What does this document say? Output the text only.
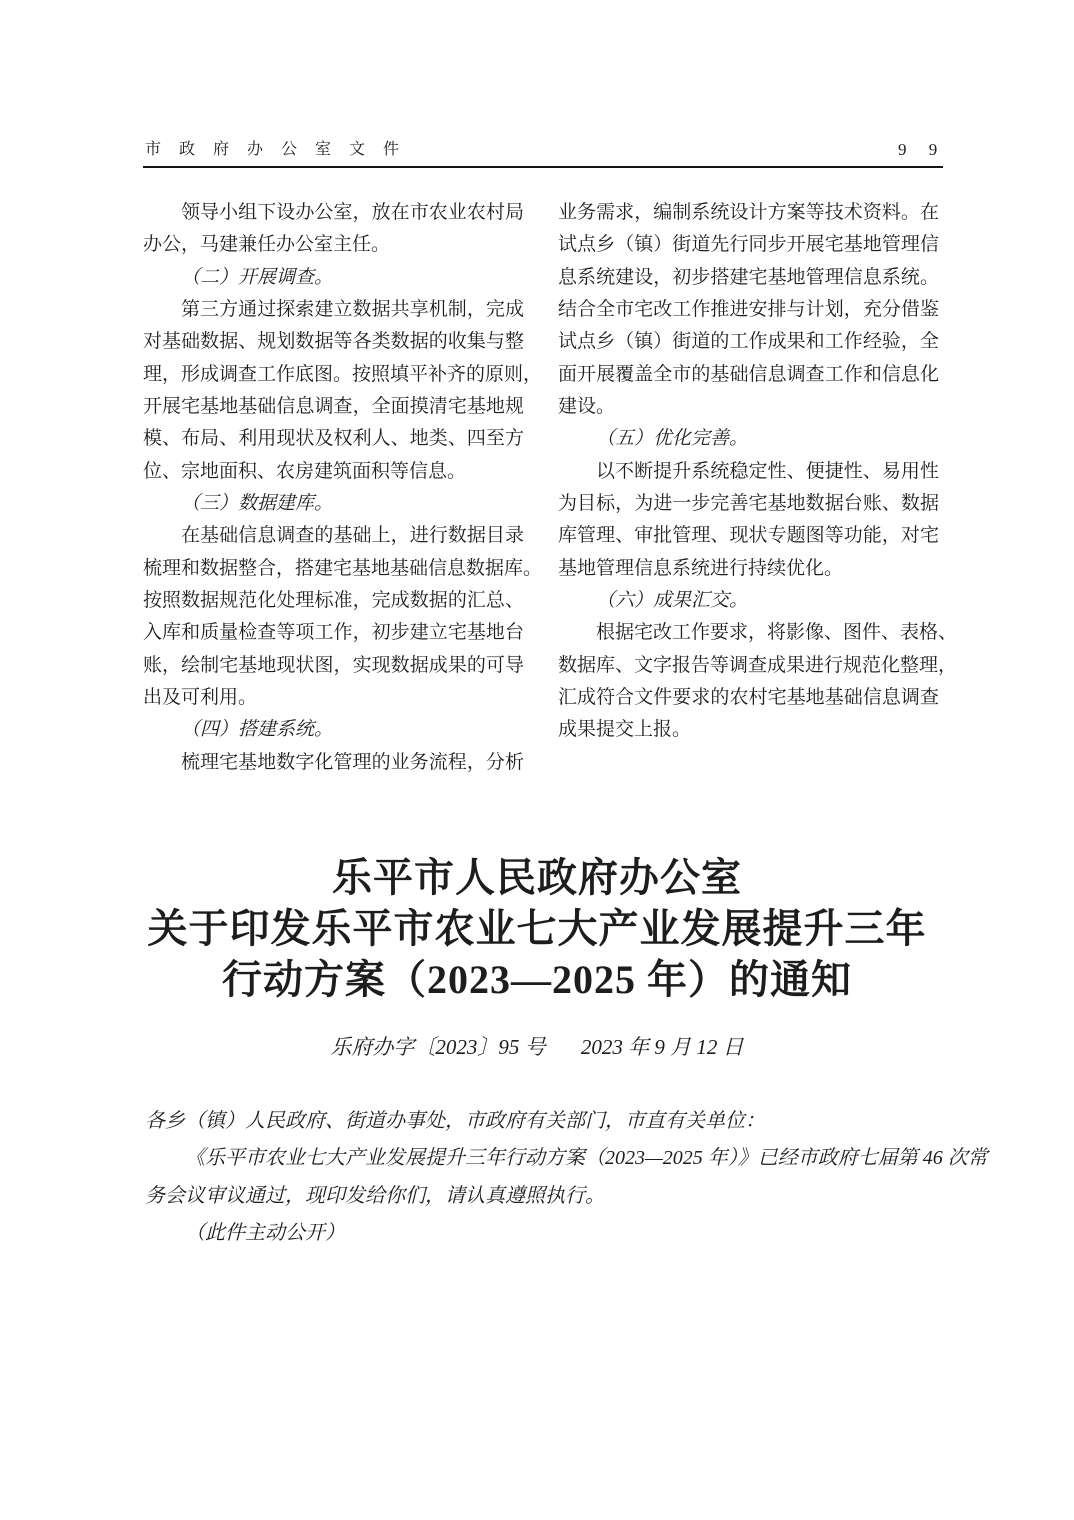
市政府办公室文件	9 9
领导小组下设办公室，放在市农业农村局
办公，马建兼任办公室主任。
（二）开展调查。
第三方通过探索建立数据共享机制，完成
对基础数据、规划数据等各类数据的收集与整
理，形成调查工作底图。按照填平补齐的原则，
开展宅基地基础信息调查，全面摸清宅基地规
模、布局、利用现状及权利人、地类、四至方
位、宗地面积、农房建筑面积等信息。
（三）数据建库。
在基础信息调查的基础上，进行数据目录
梳理和数据整合，搭建宅基地基础信息数据库。
按照数据规范化处理标准，完成数据的汇总、
入库和质量检查等项工作，初步建立宅基地台
账，绘制宅基地现状图，实现数据成果的可导
出及可利用。
（四）搭建系统。
梳理宅基地数字化管理的业务流程，分析
业务需求，编制系统设计方案等技术资料。在
试点乡（镇）街道先行同步开展宅基地管理信
息系统建设，初步搭建宅基地管理信息系统。
结合全市宅改工作推进安排与计划，充分借鉴
试点乡（镇）街道的工作成果和工作经验，全
面开展覆盖全市的基础信息调查工作和信息化
建设。
（五）优化完善。
以不断提升系统稳定性、便捷性、易用性
为目标，为进一步完善宅基地数据台账、数据
库管理、审批管理、现状专题图等功能，对宅
基地管理信息系统进行持续优化。
（六）成果汇交。
根据宅改工作要求，将影像、图件、表格、
数据库、文字报告等调查成果进行规范化整理，
汇成符合文件要求的农村宅基地基础信息调查
成果提交上报。
乐平市人民政府办公室
关于印发乐平市农业七大产业发展提升三年
行动方案（2023—2025 年）的通知
乐府办字〔2023〕95 号 2023 年 9 月 12 日
各乡（镇）人民政府、街道办事处，市政府有关部门，市直有关单位：
《乐平市农业七大产业发展提升三年行动方案（2023—2025 年）》已经市政府七届第 46 次常
务会议审议通过，现印发给你们，请认真遵照执行。
（此件主动公开）
